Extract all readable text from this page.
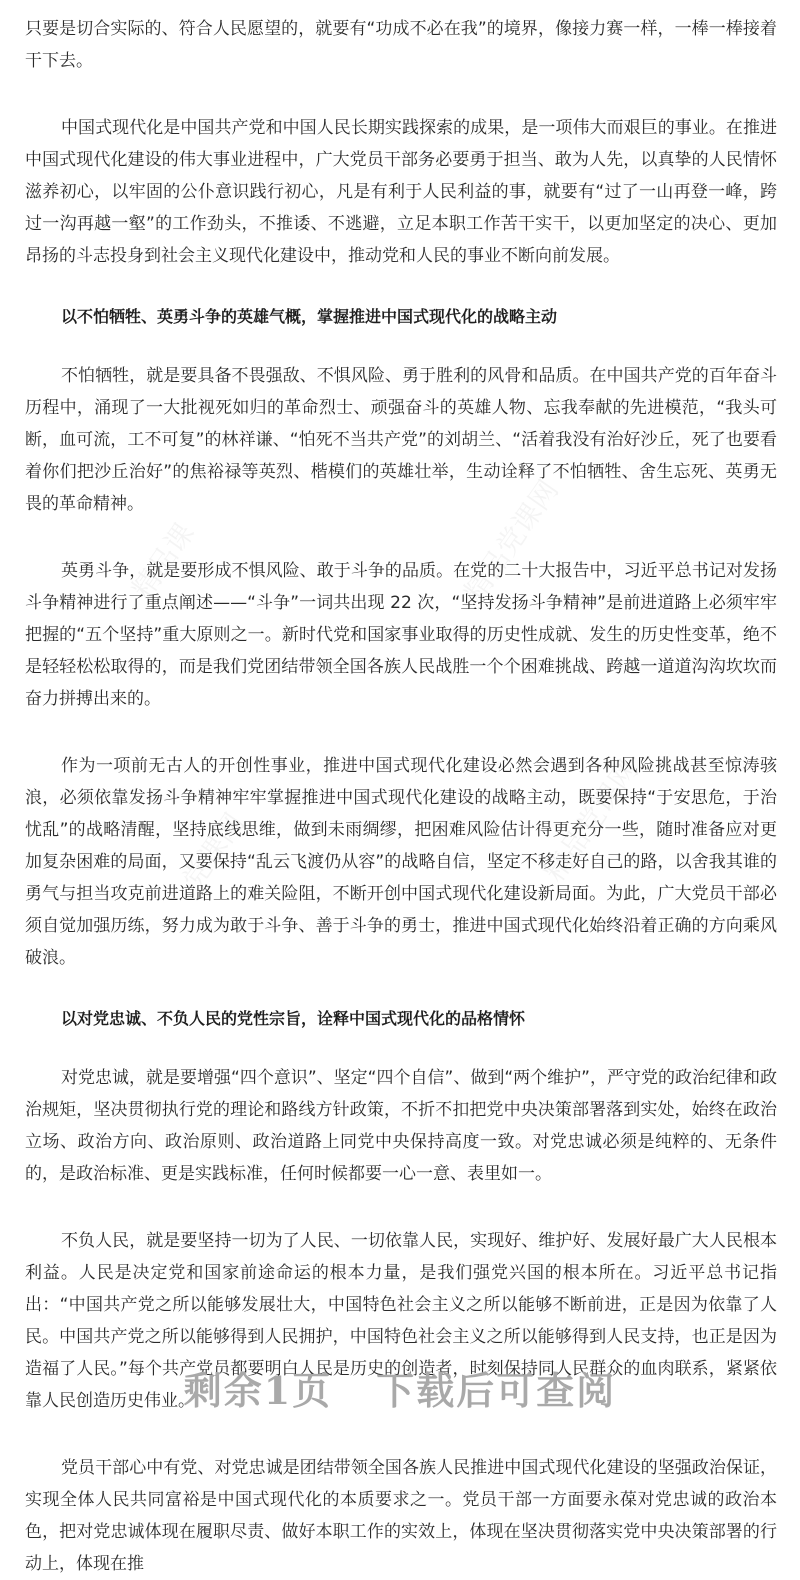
精品课	精品党课网
党课网	精品党课网

只要是切合实际的、符合人民愿望的，就要有“功成不必在我”的境界，像接力赛一样，一棒一棒接着干下去。

中国式现代化是中国共产党和中国人民长期实践探索的成果，是一项伟大而艰巨的事业。在推进中国式现代化建设的伟大事业进程中，广大党员干部务必要勇于担当、敢为人先，以真挚的人民情怀滋养初心，以牢固的公仆意识践行初心，凡是有利于人民利益的事，就要有“过了一山再登一峰，跨过一沟再越一壑”的工作劲头，不推诿、不逃避，立足本职工作苦干实干，以更加坚定的决心、更加昂扬的斗志投身到社会主义现代化建设中，推动党和人民的事业不断向前发展。

以不怕牺牲、英勇斗争的英雄气概，掌握推进中国式现代化的战略主动

不怕牺牲，就是要具备不畏强敌、不惧风险、勇于胜利的风骨和品质。在中国共产党的百年奋斗历程中，涌现了一大批视死如归的革命烈士、顽强奋斗的英雄人物、忘我奉献的先进模范，“我头可断，血可流，工不可复”的林祥谦、“怕死不当共产党”的刘胡兰、“活着我没有治好沙丘，死了也要看着你们把沙丘治好”的焦裕禄等英烈、楷模们的英雄壮举，生动诠释了不怕牺牲、舍生忘死、英勇无畏的革命精神。

英勇斗争，就是要形成不惧风险、敢于斗争的品质。在党的二十大报告中，习近平总书记对发扬斗争精神进行了重点阐述——“斗争”一词共出现 22 次，“坚持发扬斗争精神”是前进道路上必须牢牢把握的“五个坚持”重大原则之一。新时代党和国家事业取得的历史性成就、发生的历史性变革，绝不是轻轻松松取得的，而是我们党团结带领全国各族人民战胜一个个困难挑战、跨越一道道沟沟坎坎而奋力拼搏出来的。

作为一项前无古人的开创性事业，推进中国式现代化建设必然会遇到各种风险挑战甚至惊涛骇浪，必须依靠发扬斗争精神牢牢掌握推进中国式现代化建设的战略主动，既要保持“于安思危，于治忧乱”的战略清醒，坚持底线思维，做到未雨绸缪，把困难风险估计得更充分一些，随时准备应对更加复杂困难的局面，又要保持“乱云飞渡仍从容”的战略自信，坚定不移走好自己的路，以舍我其谁的勇气与担当攻克前进道路上的难关险阻，不断开创中国式现代化建设新局面。为此，广大党员干部必须自觉加强历练，努力成为敢于斗争、善于斗争的勇士，推进中国式现代化始终沿着正确的方向乘风破浪。

以对党忠诚、不负人民的党性宗旨，诠释中国式现代化的品格情怀

对党忠诚，就是要增强“四个意识”、坚定“四个自信”、做到“两个维护”，严守党的政治纪律和政治规矩，坚决贯彻执行党的理论和路线方针政策，不折不扣把党中央决策部署落到实处，始终在政治立场、政治方向、政治原则、政治道路上同党中央保持高度一致。对党忠诚必须是纯粹的、无条件的，是政治标准、更是实践标准，任何时候都要一心一意、表里如一。

不负人民，就是要坚持一切为了人民、一切依靠人民，实现好、维护好、发展好最广大人民根本利益。人民是决定党和国家前途命运的根本力量，是我们强党兴国的根本所在。习近平总书记指出：“中国共产党之所以能够发展壮大，中国特色社会主义之所以能够不断前进，正是因为依靠了人民。中国共产党之所以能够得到人民拥护，中国特色社会主义之所以能够得到人民支持，也正是因为造福了人民。”每个共产党员都要明白人民是历史的创造者，时刻保持同人民群众的血肉联系，紧紧依靠人民创造历史伟业。

党员干部心中有党、对党忠诚是团结带领全国各族人民推进中国式现代化建设的坚强政治保证，实现全体人民共同富裕是中国式现代化的本质要求之一。党员干部一方面要永葆对党忠诚的政治本色，把对党忠诚体现在履职尽责、做好本职工作的实效上，体现在坚决贯彻落实党中央决策部署的行动上，体现在推

剩余1页 下载后可查阅
